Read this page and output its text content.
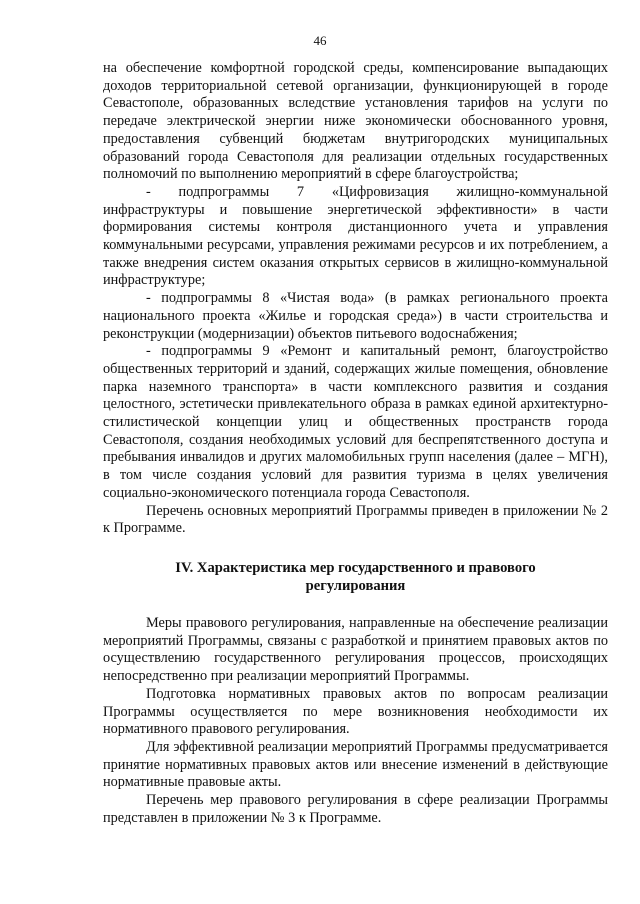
46

на обеспечение комфортной городской среды, компенсирование выпадающих доходов территориальной сетевой организации, функционирующей в городе Севастополе, образованных вследствие установления тарифов на услуги по передаче электрической энергии ниже экономически обоснованного уровня, предоставления субвенций бюджетам внутригородских муниципальных образований города Севастополя для реализации отдельных государственных полномочий по выполнению мероприятий в сфере благоустройства;

- подпрограммы 7 «Цифровизация жилищно-коммунальной инфраструктуры и повышение энергетической эффективности» в части формирования системы контроля дистанционного учета и управления коммунальными ресурсами, управления режимами ресурсов и их потреблением, а также внедрения систем оказания открытых сервисов в жилищно-коммунальной инфраструктуре;

- подпрограммы 8 «Чистая вода» (в рамках регионального проекта национального проекта «Жилье и городская среда») в части строительства и реконструкции (модернизации) объектов питьевого водоснабжения;

- подпрограммы 9 «Ремонт и капитальный ремонт, благоустройство общественных территорий и зданий, содержащих жилые помещения, обновление парка наземного транспорта» в части комплексного развития и создания целостного, эстетически привлекательного образа в рамках единой архитектурно-стилистической концепции улиц и общественных пространств города Севастополя, создания необходимых условий для беспрепятственного доступа и пребывания инвалидов и других маломобильных групп населения (далее – МГН), в том числе создания условий для развития туризма в целях увеличения социально-экономического потенциала города Севастополя.

Перечень основных мероприятий Программы приведен в приложении № 2 к Программе.

IV. Характеристика мер государственного и правового
регулирования

Меры правового регулирования, направленные на обеспечение реализации мероприятий Программы, связаны с разработкой и принятием правовых актов по осуществлению государственного регулирования процессов, происходящих непосредственно при реализации мероприятий Программы.

Подготовка нормативных правовых актов по вопросам реализации Программы осуществляется по мере возникновения необходимости их нормативного правового регулирования.

Для эффективной реализации мероприятий Программы предусматривается принятие нормативных правовых актов или внесение изменений в действующие нормативные правовые акты.

Перечень мер правового регулирования в сфере реализации Программы представлен в приложении № 3 к Программе.
